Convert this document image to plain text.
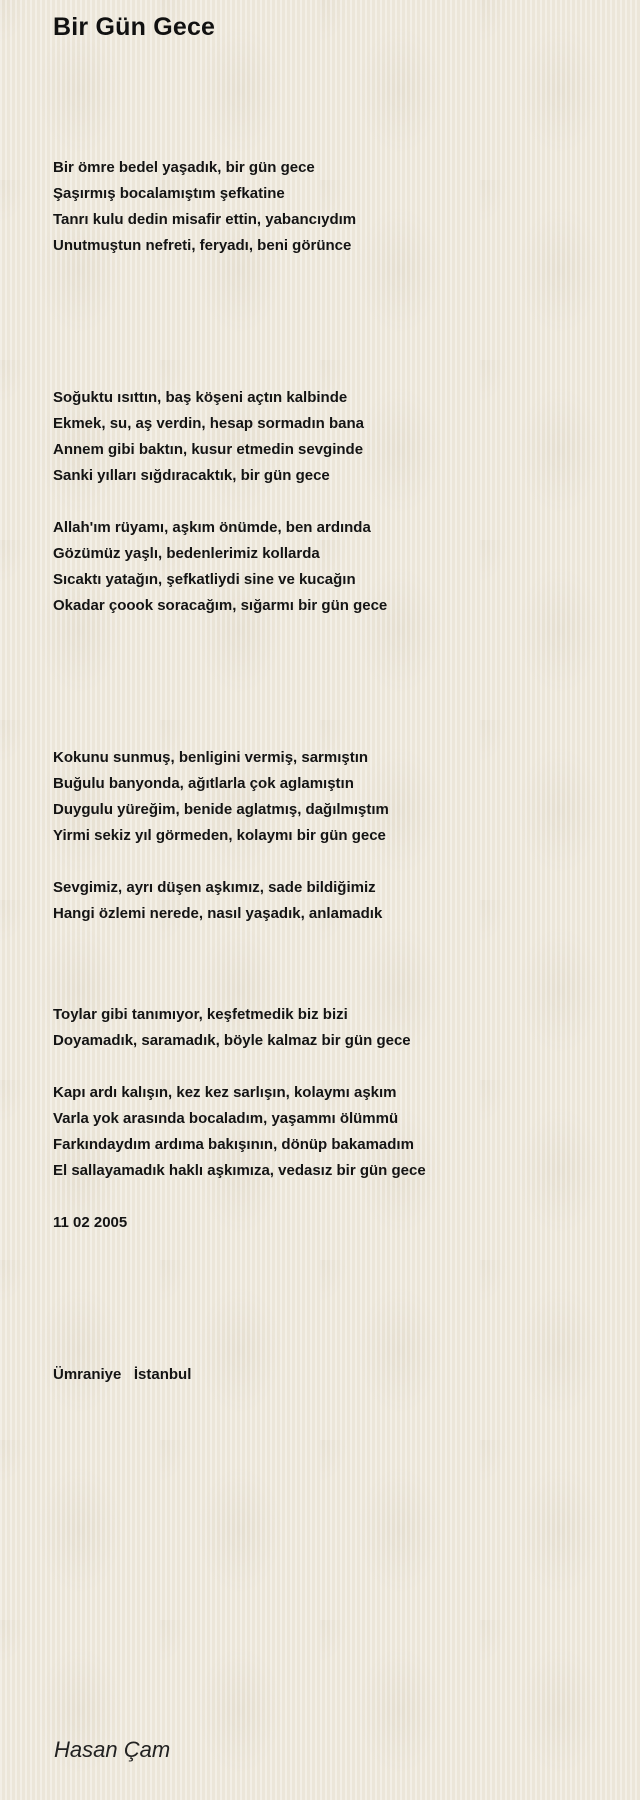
Bir Gün Gece
Bir ömre bedel yaşadık, bir gün gece
Şaşırmış bocalamıştım şefkatine
Tanrı kulu dedin misafir ettin, yabancıydım
Unutmuştun nefreti, feryadı, beni görünce
Soğuktu ısıttın, baş köşeni açtın kalbinde
Ekmek, su, aş verdin, hesap sormadın bana
Annem gibi baktın, kusur etmedin sevginde
Sanki yılları sığdıracaktık, bir gün gece
Allah'ım rüyamı, aşkım önümde, ben ardında
Gözümüz yaşlı, bedenlerimiz kollarda
Sıcaktı yatağın, şefkatliydi sine ve kucağın
Okadar çoook soracağım, sığarmı bir gün gece
Kokunu sunmuş, benligini vermiş, sarmıştın
Buğulu banyonda, ağıtlarla çok aglamıştın
Duygulu yüreğim, benide aglatmış, dağılmıştım
Yirmi sekiz yıl görmeden, kolaymı bir gün gece
Sevgimiz, ayrı düşen aşkımız, sade bildiğimiz
Hangi özlemi nerede, nasıl yaşadık, anlamadık
Toylar gibi tanımıyor, keşfetmedik biz bizi
Doyamadık, saramadık, böyle kalmaz bir gün gece
Kapı ardı kalışın, kez kez sarlışın, kolaymı aşkım
Varla yok arasında bocaladım, yaşammı ölümmü
Farkındaydım ardıma bakışının, dönüp bakamadım
El sallayamadık haklı aşkımıza, vedasız bir gün gece
11 02 2005
Ümraniye   İstanbul
Hasan Çam
